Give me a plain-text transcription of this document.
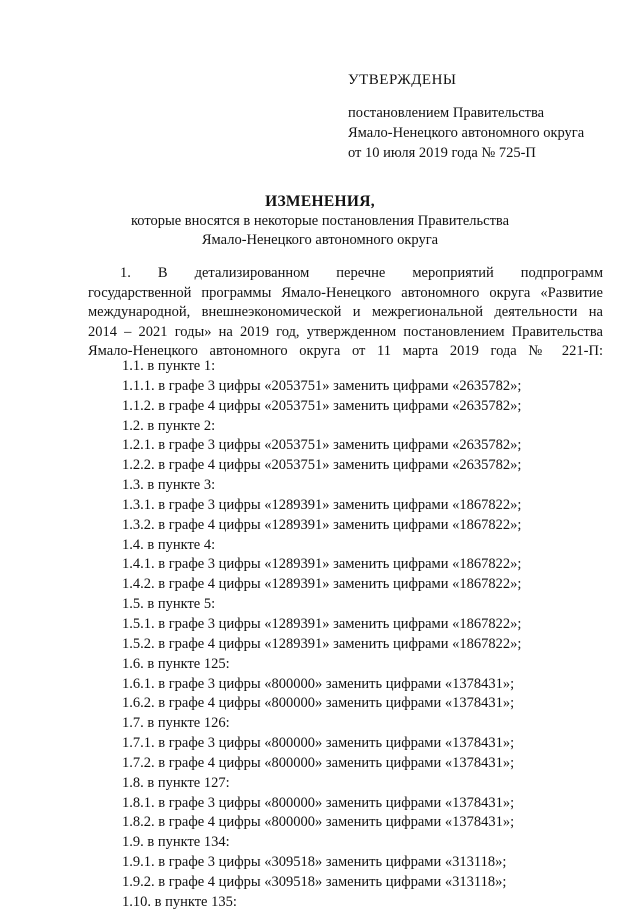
УТВЕРЖДЕНЫ

постановлением Правительства

Ямало-Ненецкого автономного округа

от 10 июля 2019 года № 725-П

ИЗМЕНЕНИЯ,

которые вносятся в некоторые постановления Правительства

Ямало-Ненецкого автономного округа

1. В детализированном перечне мероприятий подпрограмм
государственной программы Ямало-Ненецкого автономного округа «Развитие
международной, внешнеэкономической и межрегиональной деятельности на
2014 – 2021 годы» на 2019 год, утвержденном постановлением Правительства
Ямало-Ненецкого автономного округа от 11 марта 2019 года № 221-П:

1.1. в пункте 1:

1.1.1. в графе 3 цифры «2053751» заменить цифрами «2635782»;

1.1.2. в графе 4 цифры «2053751» заменить цифрами «2635782»;

1.2. в пункте 2:

1.2.1. в графе 3 цифры «2053751» заменить цифрами «2635782»;

1.2.2. в графе 4 цифры «2053751» заменить цифрами «2635782»;

1.3. в пункте 3:

1.3.1. в графе 3 цифры «1289391» заменить цифрами «1867822»;

1.3.2. в графе 4 цифры «1289391» заменить цифрами «1867822»;

1.4. в пункте 4:

1.4.1. в графе 3 цифры «1289391» заменить цифрами «1867822»;

1.4.2. в графе 4 цифры «1289391» заменить цифрами «1867822»;

1.5. в пункте 5:

1.5.1. в графе 3 цифры «1289391» заменить цифрами «1867822»;

1.5.2. в графе 4 цифры «1289391» заменить цифрами «1867822»;

1.6. в пункте 125:

1.6.1. в графе 3 цифры «800000» заменить цифрами «1378431»;

1.6.2. в графе 4 цифры «800000» заменить цифрами «1378431»;

1.7. в пункте 126:

1.7.1. в графе 3 цифры «800000» заменить цифрами «1378431»;

1.7.2. в графе 4 цифры «800000» заменить цифрами «1378431»;

1.8. в пункте 127:

1.8.1. в графе 3 цифры «800000» заменить цифрами «1378431»;

1.8.2. в графе 4 цифры «800000» заменить цифрами «1378431»;

1.9. в пункте 134:

1.9.1. в графе 3 цифры «309518» заменить цифрами «313118»;

1.9.2. в графе 4 цифры «309518» заменить цифрами «313118»;

1.10. в пункте 135:
